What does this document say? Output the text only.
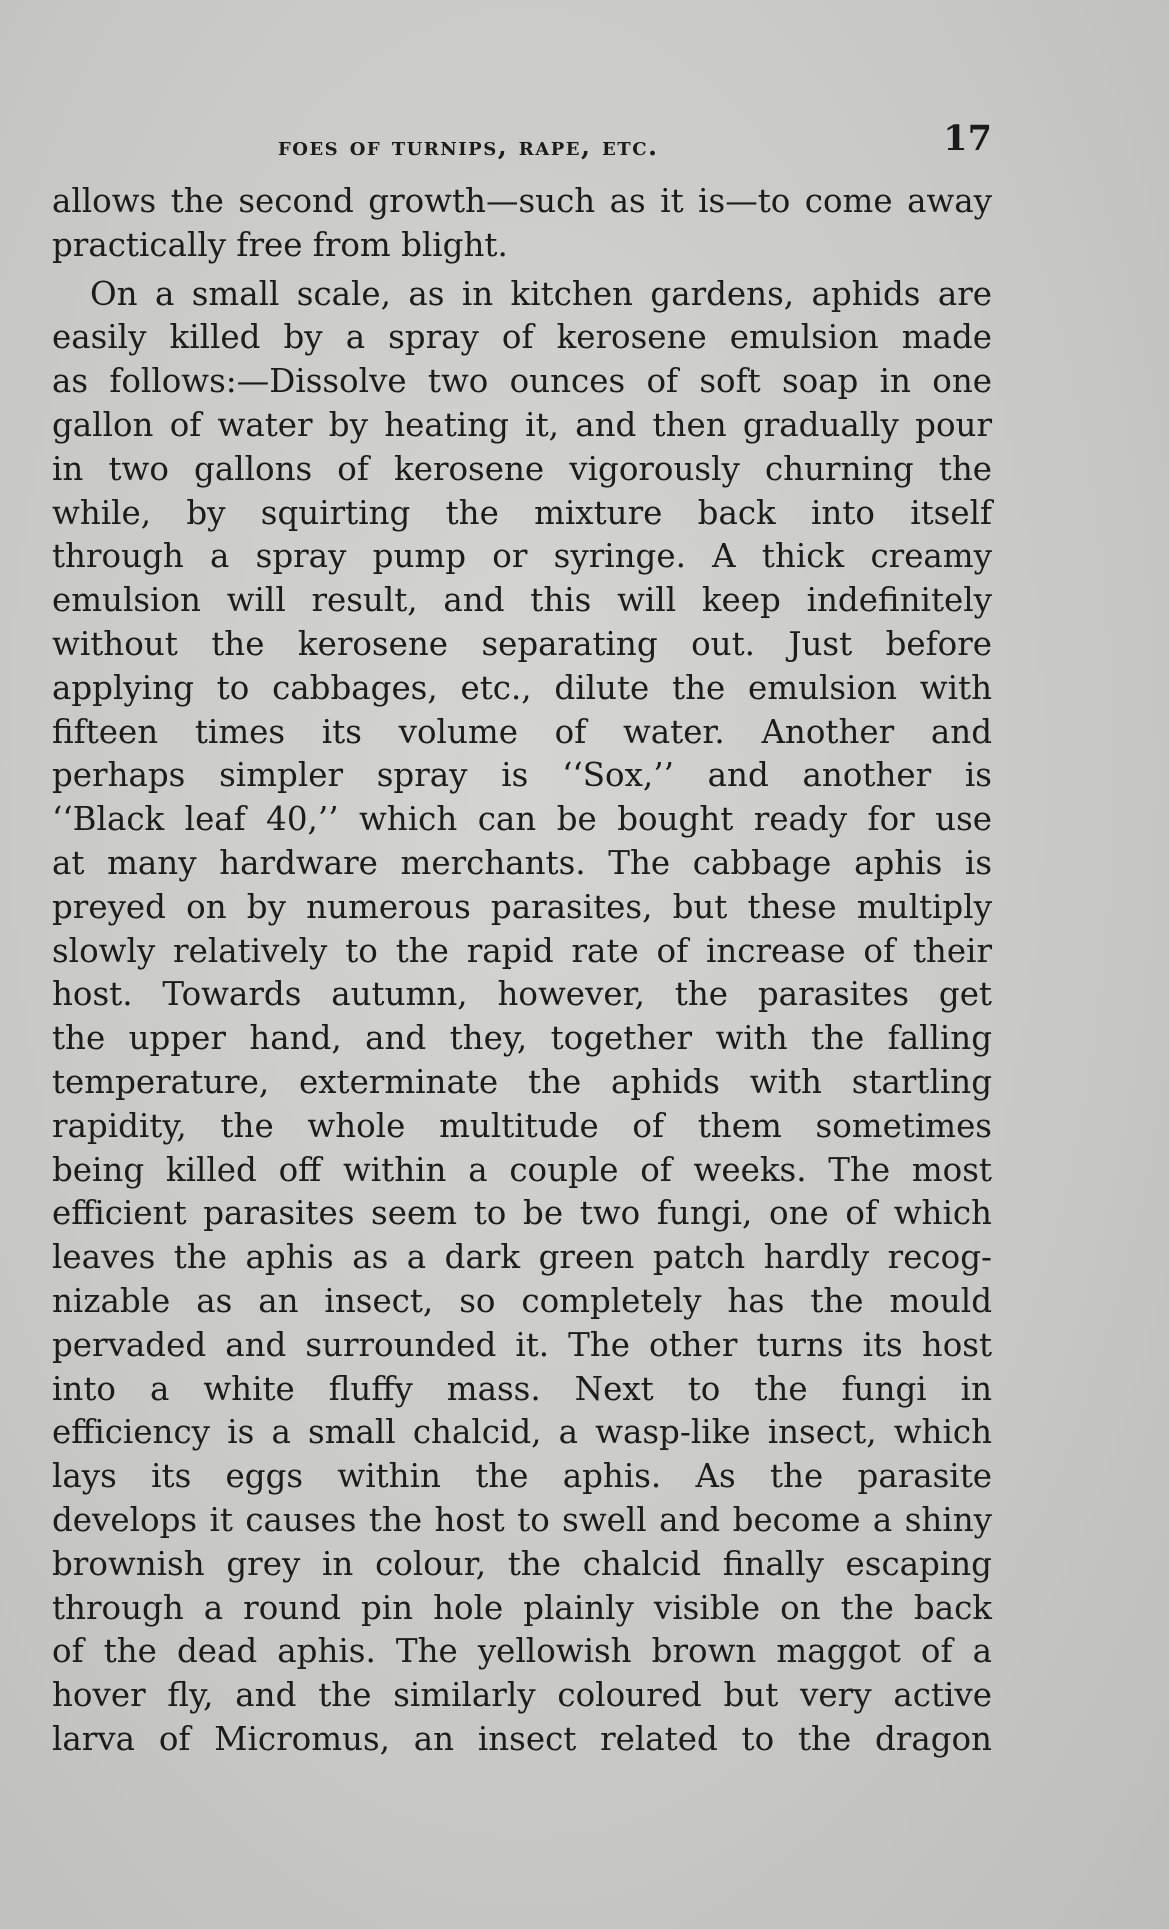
foes of turnips, rape, etc.	17

allows the second growth—such as it is—to come away

practically free from blight.

On a small scale, as in kitchen gardens, aphids are

easily killed by a spray of kerosene emulsion made

as follows:—Dissolve two ounces of soft soap in one

gallon of water by heating it, and then gradually pour

in two gallons of kerosene vigorously churning the

while, by squirting the mixture back into itself

through a spray pump or syringe. A thick creamy

emulsion will result, and this will keep indefinitely

without the kerosene separating out. Just before

applying to cabbages, etc., dilute the emulsion with

fifteen times its volume of water. Another and

perhaps simpler spray is ‘‘Sox,’’ and another is

‘‘Black leaf 40,’’ which can be bought ready for use

at many hardware merchants. The cabbage aphis is

preyed on by numerous parasites, but these multiply

slowly relatively to the rapid rate of increase of their

host. Towards autumn, however, the parasites get

the upper hand, and they, together with the falling

temperature, exterminate the aphids with startling

rapidity, the whole multitude of them sometimes

being killed off within a couple of weeks. The most

efficient parasites seem to be two fungi, one of which

leaves the aphis as a dark green patch hardly recog-

nizable as an insect, so completely has the mould

pervaded and surrounded it. The other turns its host

into a white fluffy mass. Next to the fungi in

efficiency is a small chalcid, a wasp-like insect, which

lays its eggs within the aphis. As the parasite

develops it causes the host to swell and become a shiny

brownish grey in colour, the chalcid finally escaping

through a round pin hole plainly visible on the back

of the dead aphis. The yellowish brown maggot of a

hover fly, and the similarly coloured but very active

larva of Micromus, an insect related to the dragon
